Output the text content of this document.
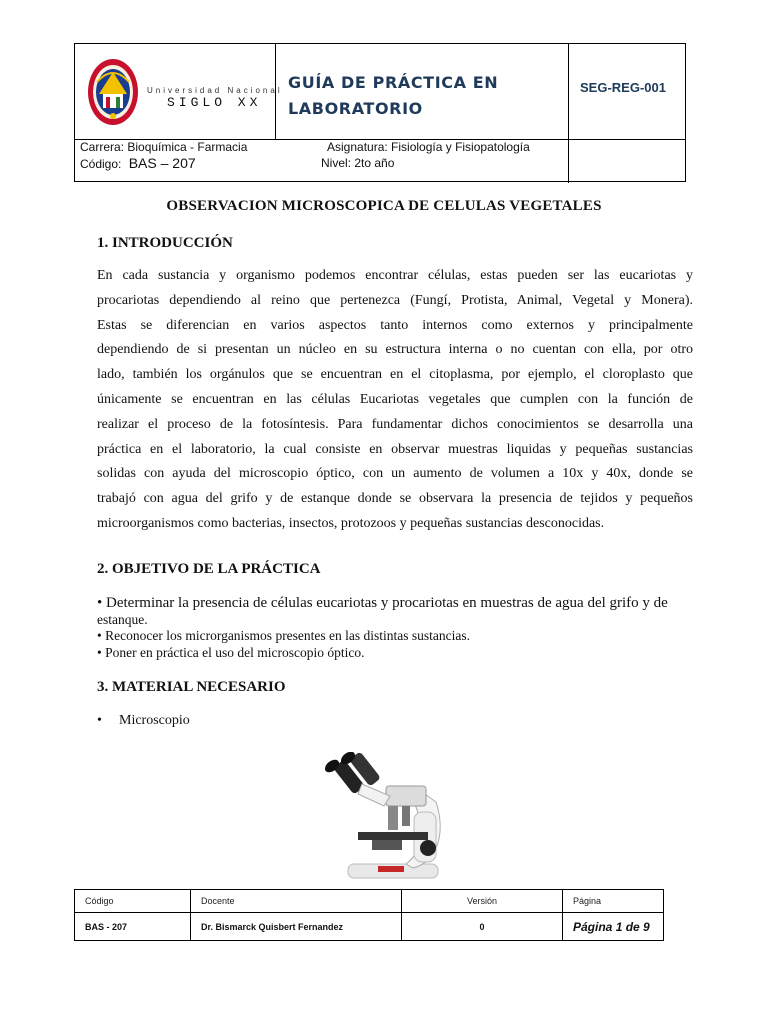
Universidad Nacional
SIGLO XX
GUÍA DE PRÁCTICA EN
LABORATORIO
SEG-REG-001
Carrera: Bioquímica - Farmacia	Asignatura: Fisiología y Fisiopatología
Código: BAS – 207	Nivel: 2to año
OBSERVACION MICROSCOPICA DE CELULAS VEGETALES
1. INTRODUCCIÓN
En cada sustancia y organismo podemos encontrar células, estas pueden ser las eucariotas y
procariotas dependiendo al reino que pertenezca (Fungí, Protista, Animal, Vegetal y Monera).
Estas se diferencian en varios aspectos tanto internos como externos y principalmente
dependiendo de si presentan un núcleo en su estructura interna o no cuentan con ella, por otro
lado, también los orgánulos que se encuentran en el citoplasma, por ejemplo, el cloroplasto que
únicamente se encuentran en las células Eucariotas vegetales que cumplen con la función de
realizar el proceso de la fotosíntesis. Para fundamentar dichos conocimientos se desarrolla una
práctica en el laboratorio, la cual consiste en observar muestras liquidas y pequeñas sustancias
solidas con ayuda del microscopio óptico, con un aumento de volumen a 10x y 40x, donde se
trabajó con agua del grifo y de estanque donde se observara la presencia de tejidos y pequeños
microorganismos como bacterias, insectos, protozoos y pequeñas sustancias desconocidas.
2. OBJETIVO DE LA PRÁCTICA
• Determinar la presencia de células eucariotas y procariotas en muestras de agua del grifo y de
estanque.
• Reconocer los microrganismos presentes en las distintas sustancias.
• Poner en práctica el uso del microscopio óptico.
3. MATERIAL NECESARIO
• Microscopio
Código	Docente	Versión	Página
BAS - 207	Dr. Bismarck Quisbert Fernandez	0	Página 1 de 9
